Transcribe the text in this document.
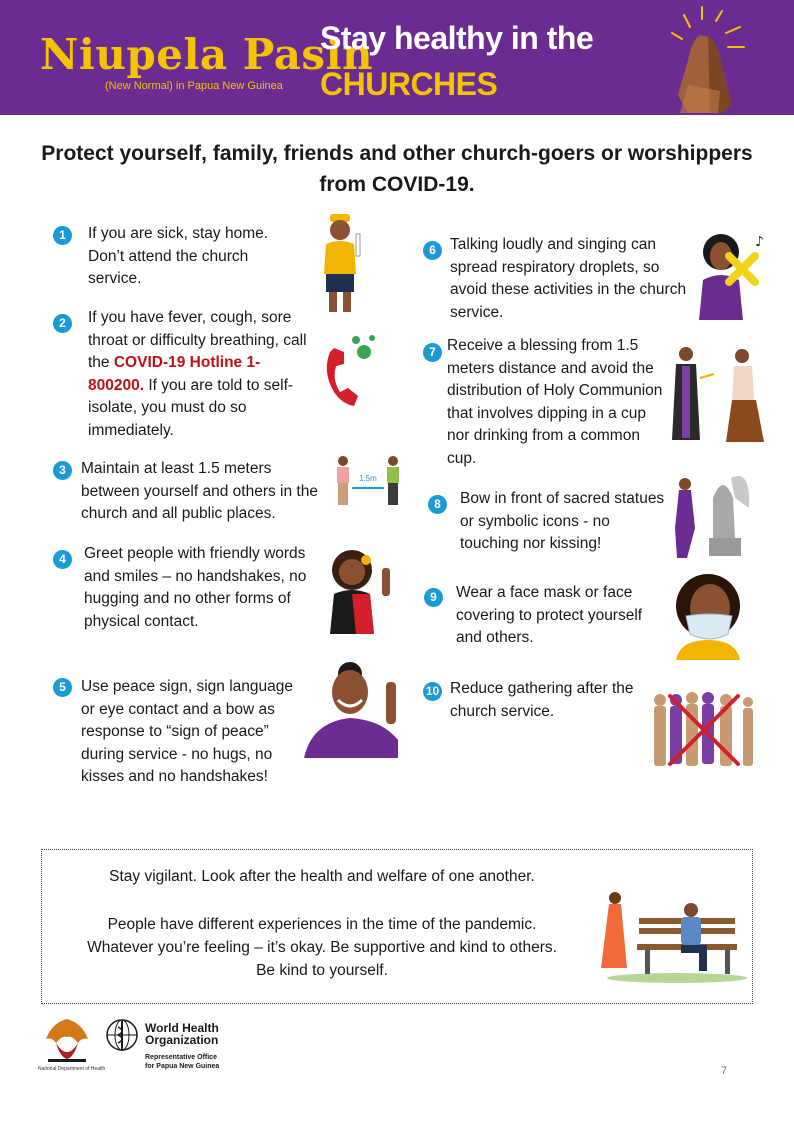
Niupela Pasin
(New Normal) in Papua New Guinea
Stay healthy in the
CHURCHES
Protect yourself, family, friends and other church-goers or worshippers from COVID-19.
1	If you are sick, stay home. Don’t attend the church service.
2	If you have fever, cough, sore throat or difficulty breathing, call the COVID-19 Hotline 1-800200. If you are told to self-isolate, you must do so immediately.
3 Maintain at least 1.5 meters between yourself and others in the church and all public places.
1.5m
4	Greet people with friendly words and smiles – no handshakes, no hugging and no other forms of physical contact.
5 Use peace sign, sign language or eye contact and a bow as response to “sign of peace” during service - no hugs, no kisses and no handshakes!
6 Talking loudly and singing can spread respiratory droplets, so avoid these activities in the church service.
♪
7 Receive a blessing from 1.5 meters distance and avoid the distribution of Holy Communion that involves dipping in a cup nor drinking from a common cup.
8	Bow in front of sacred statues or symbolic icons - no touching nor kissing!
9	Wear a face mask or face covering to protect yourself and others.
10 Reduce gathering after the church service.
Stay vigilant. Look after the health and welfare of one another.
People have different experiences in the time of the pandemic.
Whatever you’re feeling – it’s okay. Be supportive and kind to others.
Be kind to yourself.
National Department of Health
World Health
Organization
Representative Office
for Papua New Guinea	7
